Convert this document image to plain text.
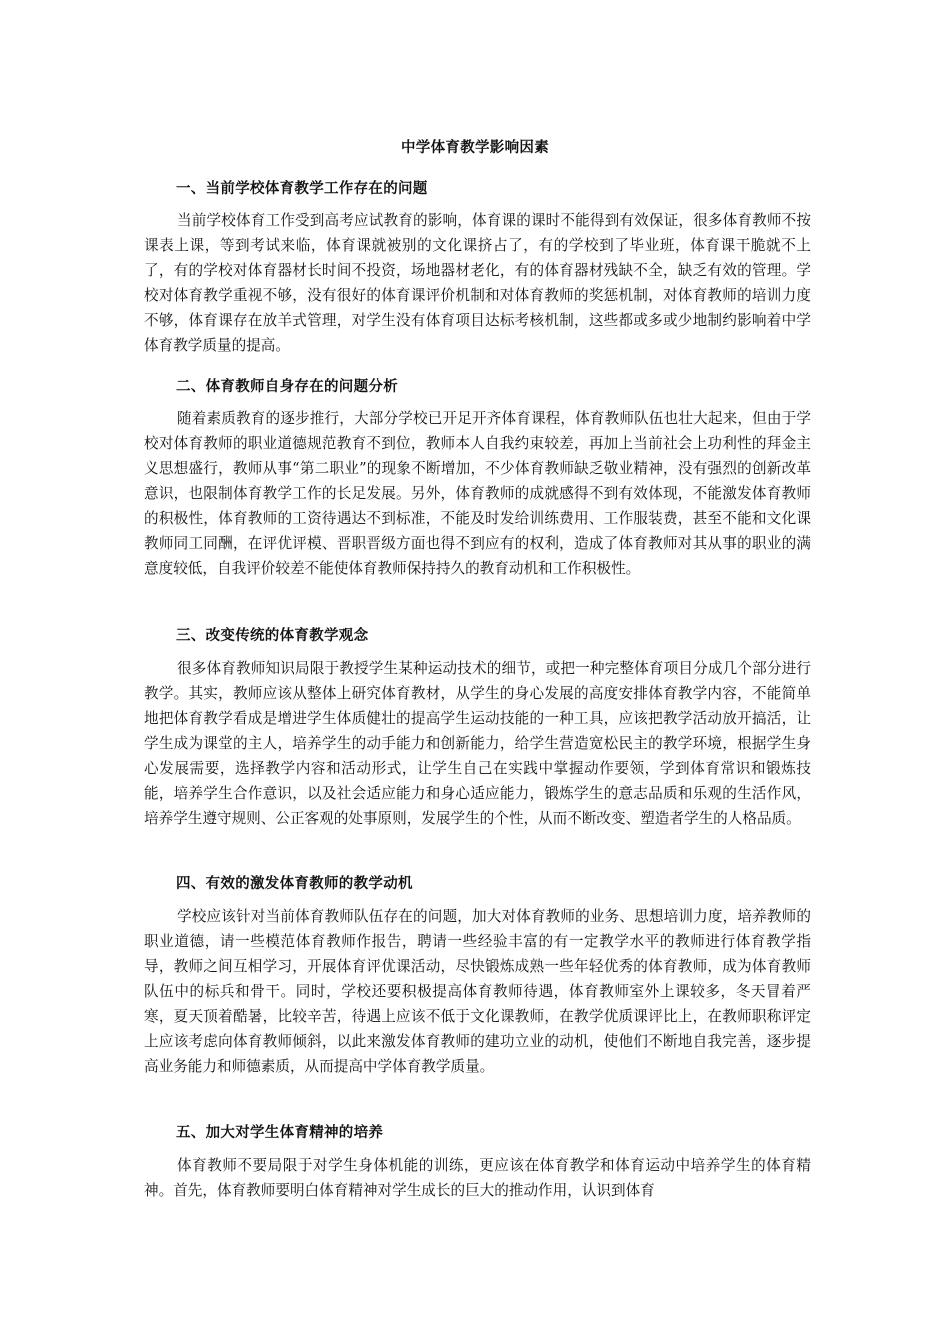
中学体育教学影响因素
一、当前学校体育教学工作存在的问题

当前学校体育工作受到高考应试教育的影响，体育课的课时不能得到有效保证，很多体育教师不按课表上课，等到考试来临，体育课就被别的文化课挤占了，有的学校到了毕业班，体育课干脆就不上了，有的学校对体育器材长时间不投资，场地器材老化，有的体育器材残缺不全，缺乏有效的管理。学校对体育教学重视不够，没有很好的体育课评价机制和对体育教师的奖惩机制，对体育教师的培训力度不够，体育课存在放羊式管理，对学生没有体育项目达标考核机制，这些都或多或少地制约影响着中学体育教学质量的提高。

二、体育教师自身存在的问题分析

随着素质教育的逐步推行，大部分学校已开足开齐体育课程，体育教师队伍也壮大起来，但由于学校对体育教师的职业道德规范教育不到位，教师本人自我约束较差，再加上当前社会上功利性的拜金主义思想盛行，教师从事“第二职业”的现象不断增加，不少体育教师缺乏敬业精神，没有强烈的创新改革意识，也限制体育教学工作的长足发展。另外，体育教师的成就感得不到有效体现，不能激发体育教师的积极性，体育教师的工资待遇达不到标准，不能及时发给训练费用、工作服装费，甚至不能和文化课教师同工同酬，在评优评模、晋职晋级方面也得不到应有的权利，造成了体育教师对其从事的职业的满意度较低，自我评价较差不能使体育教师保持持久的教育动机和工作积极性。

三、改变传统的体育教学观念

很多体育教师知识局限于教授学生某种运动技术的细节，或把一种完整体育项目分成几个部分进行教学。其实，教师应该从整体上研究体育教材，从学生的身心发展的高度安排体育教学内容，不能简单地把体育教学看成是增进学生体质健壮的提高学生运动技能的一种工具，应该把教学活动放开搞活，让学生成为课堂的主人，培养学生的动手能力和创新能力，给学生营造宽松民主的教学环境，根据学生身心发展需要，选择教学内容和活动形式，让学生自己在实践中掌握动作要领，学到体育常识和锻炼技能，培养学生合作意识，以及社会适应能力和身心适应能力，锻炼学生的意志品质和乐观的生活作风，培养学生遵守规则、公正客观的处事原则，发展学生的个性，从而不断改变、塑造者学生的人格品质。

四、有效的激发体育教师的教学动机

学校应该针对当前体育教师队伍存在的问题，加大对体育教师的业务、思想培训力度，培养教师的职业道德，请一些模范体育教师作报告，聘请一些经验丰富的有一定教学水平的教师进行体育教学指导，教师之间互相学习，开展体育评优课活动，尽快锻炼成熟一些年轻优秀的体育教师，成为体育教师队伍中的标兵和骨干。同时，学校还要积极提高体育教师待遇，体育教师室外上课较多，冬天冒着严寒，夏天顶着酷暑，比较辛苦，待遇上应该不低于文化课教师，在教学优质课评比上，在教师职称评定上应该考虑向体育教师倾斜，以此来激发体育教师的建功立业的动机，使他们不断地自我完善，逐步提高业务能力和师德素质，从而提高中学体育教学质量。

五、加大对学生体育精神的培养

体育教师不要局限于对学生身体机能的训练，更应该在体育教学和体育运动中培养学生的体育精神。首先，体育教师要明白体育精神对学生成长的巨大的推动作用，认识到体育
